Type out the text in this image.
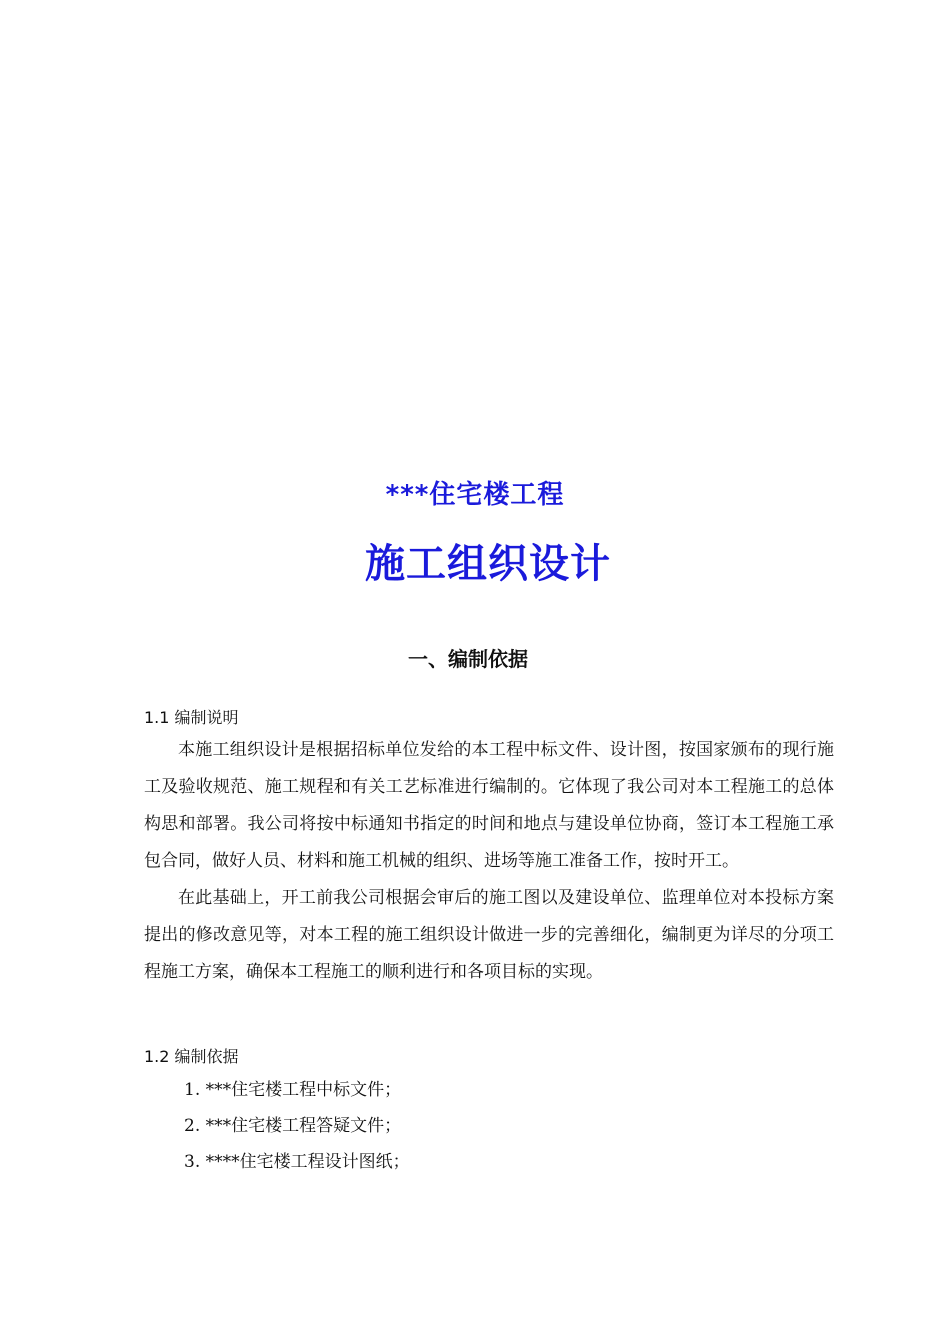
***住宅楼工程
施工组织设计
一、编制依据
1.1 编制说明

本施工组织设计是根据招标单位发给的本工程中标文件、设计图，按国家颁布的现行施工及验收规范、施工规程和有关工艺标准进行编制的。它体现了我公司对本工程施工的总体构思和部署。我公司将按中标通知书指定的时间和地点与建设单位协商，签订本工程施工承包合同，做好人员、材料和施工机械的组织、进场等施工准备工作，按时开工。

在此基础上，开工前我公司根据会审后的施工图以及建设单位、监理单位对本投标方案提出的修改意见等，对本工程的施工组织设计做进一步的完善细化，编制更为详尽的分项工程施工方案，确保本工程施工的顺利进行和各项目标的实现。

1.2 编制依据
1. ***住宅楼工程中标文件；
2. ***住宅楼工程答疑文件；
3. ****住宅楼工程设计图纸；
